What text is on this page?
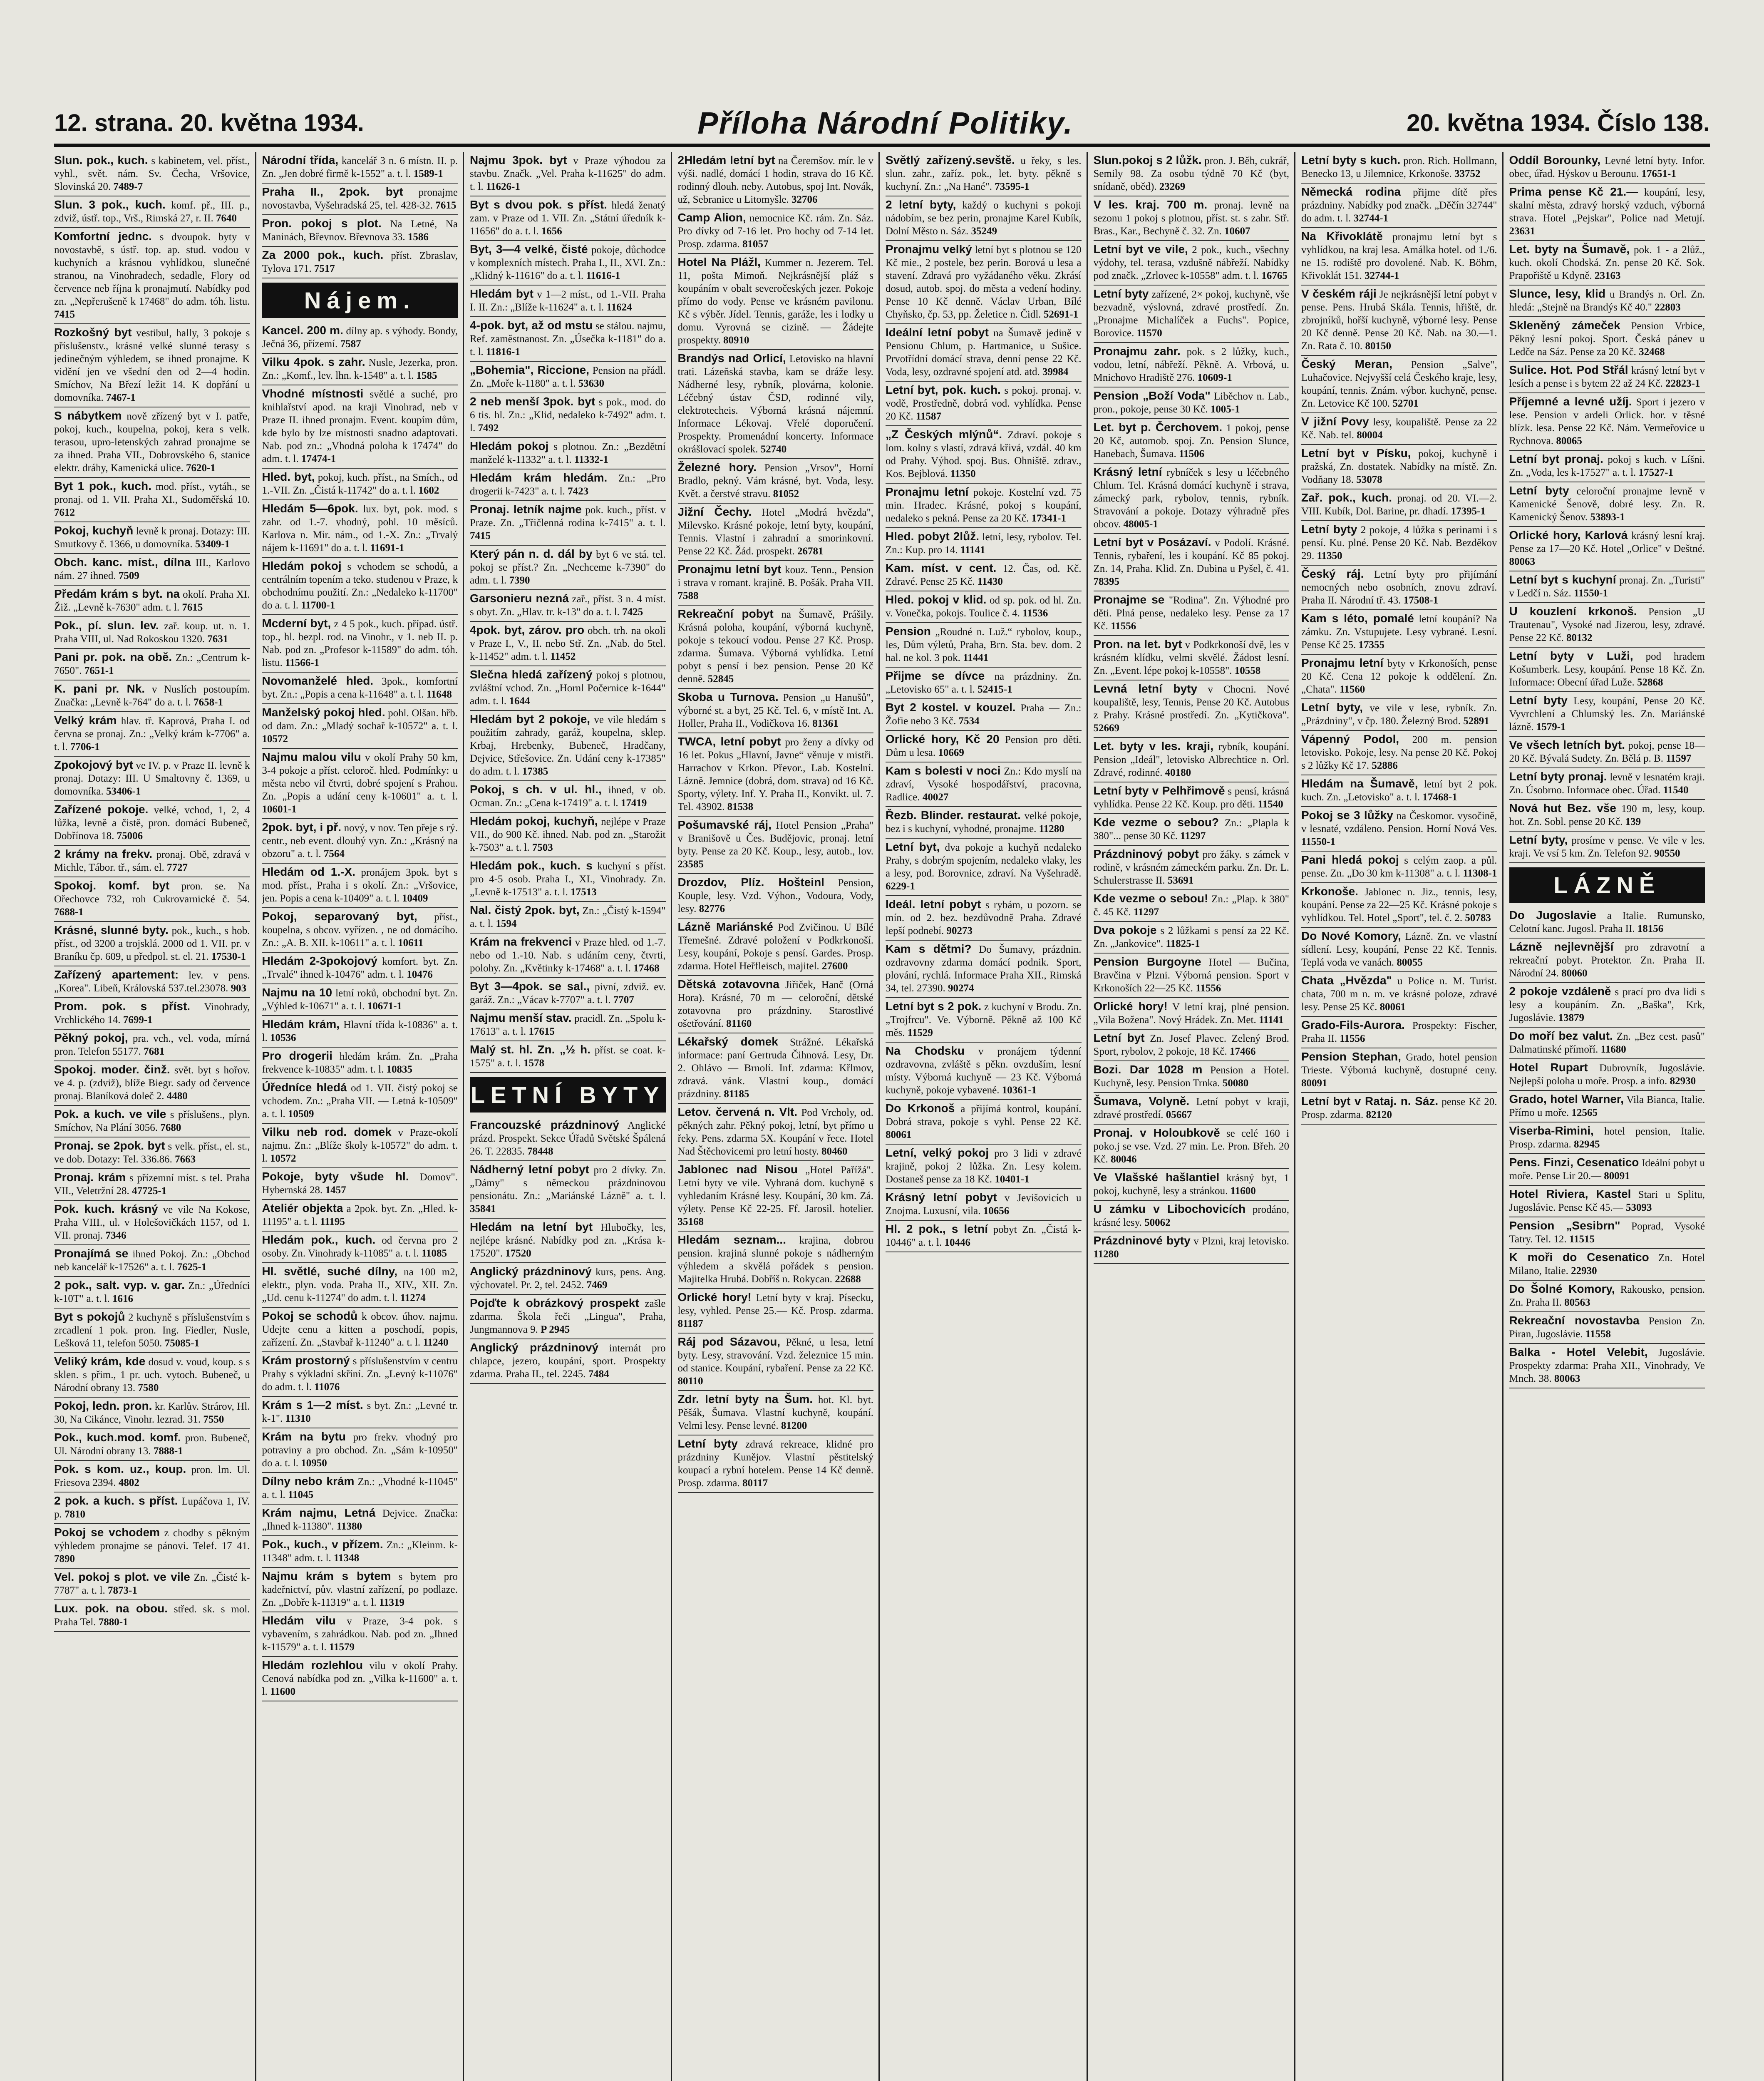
12. strana. 20. května 1934.	Příloha Národní Politiky.	20. května 1934. Číslo 138.
Slun. pok., kuch. s kabinetem, vel. příst., vyhl., svět. nám. Sv. Čecha, Vršovice, Slovinská 20. 7489-7
Slun. 3 pok., kuch. komf. př., III. p., zdviž, ústř. top., Vrš., Rimská 27, r. II. 7640
Komfortní jednc. s dvoupok. byty v novostavbě, s ústř. top. ap. stud. vodou v kuchyních a krásnou vyhlídkou, slunečné stranou, na Vinohradech, sedadle, Flory od července neb října k pronajmutí. Nabídky pod zn. „Nepřerušeně k 17468" do adm. tóh. listu. 7415
Rozkošný byt vestibul, hally, 3 pokoje s příslušenstv., krásné velké slunné terasy s jedinečným výhledem, se ihned pronajme. K vidění jen ve všední den od 2—4 hodin. Smíchov, Na Březí ležit 14. K dopřání u domovníka. 7467-1
S nábytkem nově zřízený byt v I. patře, pokoj, kuch., koupelna, pokoj, kera s velk. terasou, upro-letenských zahrad pronajme se za ihned. Praha VII., Dobrovského 6, stanice elektr. dráhy, Kamenická ulice. 7620-1
Byt 1 pok., kuch. mod. příst., vytáh., se pronaj. od 1. VII. Praha XI., Sudoměřská 10. 7612
Pokoj, kuchyň levně k pronaj. Dotazy: III. Smutkovy č. 1366, u domovníka. 53409-1
Obch. kanc. míst., dílna III., Karlovo nám. 27 ihned. 7509
Předám krám s byt. na okolí. Praha XI. Žiž. „Levně k-7630" adm. t. l. 7615
Pok., pí. slun. lev. zař. koup. ut. n. 1. Praha VIII, ul. Nad Rokoskou 1320. 7631
Pani pr. pok. na obě. Zn.: „Centrum k-7650". 7651-1
K. pani pr. Nk. v Nuslích postoupím. Značka: „Levně k-764" do a. t. l. 7658-1
Velký krám hlav. tř. Kaprová, Praha I. od června se pronaj. Zn.: „Velký krám k-7706" a. t. l. 7706-1
Zpokojový byt ve IV. p. v Praze II. levně k pronaj. Dotazy: III. U Smaltovny č. 1369, u domovníka. 53406-1
Zařízené pokoje. velké, vchod, 1, 2, 4 lůžka, levně a čistě, pron. domácí Bubeneč, Dobřínova 18. 75006
2 krámy na frekv. pronaj. Obě, zdravá v Michle, Tábor. tř., sám. el. 7727
Spokoj. komf. byt pron. se. Na Ořechovce 732, roh Cukrovarnické č. 54. 7688-1
Krásné, slunné byty. pok., kuch., s hob. příst., od 3200 a trojsklá. 2000 od 1. VII. pr. v Braníku čp. 609, u předpol. st. el. 21. 17530-1
Zařízený apartement: lev. v pens. „Korea". Libeň, Královská 537.tel.23078. 903
Prom. pok. s příst. Vinohrady, Vrchlického 14. 7699-1
Pěkný pokoj, pra. vch., vel. voda, mírná pron. Telefon 55177. 7681
Spokoj. moder. činž. svět. byt s hořov. ve 4. p. (zdviž), blíže Biegr. sady od července pronaj. Blaníková doleč 2. 4480
Pok. a kuch. ve vile s příslušens., plyn. Smíchov, Na Plání 3056. 7680
Pronaj. se 2pok. byt s velk. příst., el. st., ve dob. Dotazy: Tel. 336.86. 7663
Pronaj. krám s přízemní míst. s tel. Praha VII., Veletržní 28. 47725-1
Pok. kuch. krásný ve vile Na Kokose, Praha VIII., ul. v Holešovičkách 1157, od 1. VII. pronaj. 7346
Pronajímá se ihned Pokoj. Zn.: „Obchod neb kancelář k-17526" a. t. l. 7625-1
2 pok., salt. vyp. v. gar. Zn.: „Úředníci k-10T" a. t. l. 1616
Byt s pokojů 2 kuchyně s příslušenstvím s zrcadlení 1 pok. pron. Ing. Fiedler, Nusle, Lešková 11, telefon 5050. 75085-1
Veliký krám, kde dosud v. voud, koup. s s sklen. s přim., 1 pr. uch. vytoch. Bubeneč, u Národní obrany 13. 7580
Pokoj, ledn. pron. kr. Karlův. Strárov, Hl. 30, Na Cikánce, Vinohr. lezrad. 31. 7550
Pok., kuch.mod. komf. pron. Bubeneč, Ul. Národní obrany 13. 7888-1
Pok. s kom. uz., koup. pron. lm. Ul. Friesova 2394. 4802
2 pok. a kuch. s příst. Lupáčova 1, IV. p. 7810
Pokoj se vchodem z chodby s pěkným výhledem pronajme se pánovi. Telef. 17 41. 7890
Vel. pokoj s plot. ve vile Zn. „Čisté k-7787" a. t. l. 7873-1
Lux. pok. na obou. střed. sk. s mol. Praha Tel. 7880-1
Národní třída, kancelář 3 n. 6 místn. II. p. Zn. „Jen dobré firmě k-1552" a. t. l. 1589-1
Praha II., 2pok. byt pronajme novostavba, Vyšehradská 25, tel. 428-32. 7615
Pron. pokoj s plot. Na Letné, Na Maninách, Břevnov. Břevnova 33. 1586
Za 2000 pok., kuch. příst. Zbraslav, Tylova 171. 7517
Nájem.
Kancel. 200 m. dílny ap. s výhody. Bondy, Ječná 36, přízemí. 7587
Vilku 4pok. s zahr. Nusle, Jezerka, pron. Zn.: „Komf., lev. lhn. k-1548" a. t. l. 1585
Vhodné místnosti světlé a suché, pro knihlařství apod. na kraji Vinohrad, neb v Praze II. ihned pronajm. Event. koupím dům, kde bylo by lze místnosti snadno adaptovati. Nab. pod zn.: „Vhodná poloha k 17474" do adm. t. l. 17474-1
Hled. byt, pokoj, kuch. příst., na Smích., od 1.-VII. Zn. „Čistá k-11742" do a. t. l. 1602
Hledám 5—6pok. lux. byt, pok. mod. s zahr. od 1.-7. vhodný, pohl. 10 měsíců. Karlova n. Mir. nám., od 1.-X. Zn.: „Trvalý nájem k-11691" do a. t. l. 11691-1
Hledám pokoj s vchodem se schodů, a centrálním topením a teko. studenou v Praze, k obchodnímu použití. Zn.: „Nedaleko k-11700" do a. t. l. 11700-1
Mcderní byt, z 4 5 pok., kuch. případ. ústř. top., hl. bezpl. rod. na Vinohr., v 1. neb II. p. Nab. pod zn. „Profesor k-11589" do adm. tóh. listu. 11566-1
Novomanželé hled. 3pok., komfortní byt. Zn.: „Popis a cena k-11648" a. t. l. 11648
Manželský pokoj hled. pohl. Olšan. hřb. od dam. Zn.: „Mladý sochař k-10572" a. t. l. 10572
Najmu malou vilu v okolí Prahy 50 km, 3-4 pokoje a příst. celoroč. hled. Podmínky: u města nebo vil čtvrti, dobré spojení s Prahou. Zn. „Popis a udání ceny k-10601" a. t. l. 10601-1
2pok. byt, i př. nový, v nov. Ten přeje s rý. centr., neb event. dlouhý vyn. Zn.: „Krásný na obzoru" a. t. l. 7564
Hledám od 1.-X. pronájem 3pok. byt s mod. příst., Praha i s okolí. Zn.: „Vršovice, jen. Popis a cena k-10409" a. t. l. 10409
Pokoj, separovaný byt, příst., koupelna, s obcov. vyřízen. , ne od domácího. Zn.: „A. B. XII. k-10611" a. t. l. 10611
Hledám 2-3pokojový komfort. byt. Zn. „Trvalé" ihned k-10476" adm. t. l. 10476
Najmu na 10 letní roků, obchodní byt. Zn. „Výhled k-10671" a. t. l. 10671-1
Hledám krám, Hlavní třída k-10836" a. t. l. 10536
Pro drogerii hledám krám. Zn. „Praha frekvence k-10835" adm. t. l. 10835
Úředníce hledá od 1. VII. čistý pokoj se vchodem. Zn.: „Praha VII. — Letná k-10509" a. t. l. 10509
Vilku neb rod. domek v Praze-okolí najmu. Zn.: „Blíže školy k-10572" do adm. t. l. 10572
Pokoje, byty všude hl. Domov". Hybernská 28. 1457
Ateliér objekta a 2pok. byt. Zn. „Hled. k-11195" a. t. l. 11195
Hledám pok., kuch. od června pro 2 osoby. Zn. Vinohrady k-11085" a. t. l. 11085
Hl. světlé, suché dílny, na 100 m2, elektr., plyn. voda. Praha II., XIV., XII. Zn. „Ud. cenu k-11274" do adm. t. l. 11274
Pokoj se schodů k obcov. úhov. najmu. Udejte cenu a kitten a poschodí, popis, zařízení. Zn. „Stavbař k-11240" a. t. l. 11240
Krám prostorný s příslušenstvím v centru Prahy s výkladní skříní. Zn. „Levný k-11076" do adm. t. l. 11076
Krám s 1—2 míst. s byt. Zn.: „Levné tr. k-1". 11310
Krám na bytu pro frekv. vhodný pro potraviny a pro obchod. Zn. „Sám k-10950" do a. t. l. 10950
Dílny nebo krám Zn.: „Vhodné k-11045" a. t. l. 11045
Krám najmu, Letná Dejvice. Značka: „Ihned k-11380". 11380
Pok., kuch., v přízem. Zn.: „Kleinm. k-11348" adm. t. l. 11348
Najmu krám s bytem s bytem pro kadeřnictví, pův. vlastní zařízení, po podlaze. Zn. „Dobře k-11319" a. t. l. 11319
Hledám vilu v Praze, 3-4 pok. s vybavením, s zahrádkou. Nab. pod zn. „Ihned k-11579" a. t. l. 11579
Hledám rozlehlou vilu v okolí Prahy. Cenová nabídka pod zn. „Vilka k-11600" a. t. l. 11600
Najmu 3pok. byt v Praze výhodou za stavbu. Značk. „Vel. Praha k-11625" do adm. t. l. 11626-1
Byt s dvou pok. s příst. hledá ženatý zam. v Praze od 1. VII. Zn. „Státní úředník k-11656" do a. t. l. 1656
Byt, 3—4 velké, čisté pokoje, důchodce v komplexních místech. Praha I., II., XVI. Zn.: „Klidný k-11616" do a. t. l. 11616-1
Hledám byt v 1—2 míst., od 1.-VII. Praha I. II. Zn.: „Blíže k-11624" a. t. l. 11624
4-pok. byt, až od mstu se stálou. najmu, Ref. zaměstnanost. Zn. „Úsečka k-1181" do a. t. l. 11816-1
„Bohemia", Riccione, Pension na přádl. Zn. „Moře k-1180" a. t. l. 53630
2 neb menší 3pok. byt s pok., mod. do 6 tis. hl. Zn.: „Klid, nedaleko k-7492" adm. t. l. 7492
Hledám pokoj s plotnou. Zn.: „Bezdětní manželé k-11332" a. t. l. 11332-1
Hledám krám hledám. Zn.: „Pro drogerii k-7423" a. t. l. 7423
Pronaj. letník najme pok. kuch., příst. v Praze. Zn. „Třičlenná rodina k-7415" a. t. l. 7415
Který pán n. d. dál by byt 6 ve stá. tel. pokoj se příst.? Zn. „Nechceme k-7390" do adm. t. l. 7390
Garsonieru nezná zař., příst. 3 n. 4 míst. s obyt. Zn. „Hlav. tr. k-13" do a. t. l. 7425
4pok. byt, zárov. pro obch. trh. na okoli v Praze I., V., II. nebo Stř. Zn. „Nab. do 5tel. k-11452" adm. t. l. 11452
Slečna hledá zařízený pokoj s plotnou, zvláštní vchod. Zn. „Hornl Počernice k-1644" adm. t. l. 1644
Hledám byt 2 pokoje, ve vile hledám s použitím zahrady, garáž, koupelna, sklep. Krbaj, Hrebenky, Bubeneč, Hradčany, Dejvice, Střešovice. Zn. Udání ceny k-17385" do adm. t. l. 17385
Pokoj, s ch. v ul. hl., ihned, v ob. Ocman. Zn.: „Cena k-17419" a. t. l. 17419
Hledám pokoj, kuchyň, nejlépe v Praze VII., do 900 Kč. ihned. Nab. pod zn. „Starožit k-7503" a. t. l. 7503
Hledám pok., kuch. s kuchyní s příst. pro 4-5 osob. Praha I., XI., Vinohrady. Zn. „Levně k-17513" a. t. l. 17513
Nal. čistý 2pok. byt, Zn.: „Čistý k-1594" a. t. l. 1594
Krám na frekvenci v Praze hled. od 1.-7. nebo od 1.-10. Nab. s udáním ceny, čtvrti, polohy. Zn. „Květinky k-17468" a. t. l. 17468
Byt 3—4pok. se sal., pivní, zdviž. ev. garáž. Zn.: „Vácav k-7707" a. t. l. 7707
Najmu menší stav. pracidl. Zn. „Spolu k-17613" a. t. l. 17615
Malý st. hl. Zn. „½ h. příst. se coat. k-1575" a. t. l. 1578
LETNÍ BYTY
Francouzské prázdninový Anglické prázd. Prospekt. Sekce Úřadů Světské Špálená 26. T. 22835. 78448
Nádherný letní pobyt pro 2 dívky. Zn. „Dámy" s německou prázdninovou pensionátu. Zn.: „Mariánské Lázně" a. t. l. 35841
Hledám na letní byt Hlubočky, les, nejlépe krásné. Nabídky pod zn. „Krása k-17520". 17520
Anglický prázdninový kurs, pens. Ang. výchovatel. Pr. 2, tel. 2452. 7469
Pojďte k obrázkový prospekt zašle zdarma. Škola řeči „Lingua", Praha, Jungmannova 9. P 2945
Anglický prázdninový internát pro chlapce, jezero, koupání, sport. Prospekty zdarma. Praha II., tel. 2245. 7484
2Hledám letní byt na Čeremšov. mír. le v výši. nadlé, domácí 1 hodin, strava do 16 Kč. rodinný dlouh. neby. Autobus, spoj Int. Novák, už, Sebranice u Litomyšle. 32706
Camp Alion, nemocnice Kč. rám. Zn. Sáz. Pro dívky od 7-16 let. Pro hochy od 7-14 let. Prosp. zdarma. 81057
Hotel Na Plážl, Kummer n. Jezerem. Tel. 11, pošta Mimoň. Nejkrásnější pláž s koupáním v obalt severočeských jezer. Pokoje přímo do vody. Pense ve krásném pavilonu. Kč s výběr. Jídel. Tennis, garáže, les i lodky u domu. Vyrovná se cizině. — Žádejte prospekty. 80910
Brandýs nad Orlicí, Letovisko na hlavní trati. Lázeňská stavba, kam se dráže lesy. Nádherné lesy, rybník, plovárna, kolonie. Léčebný ústav ČSD, rodinné vily, elektrotecheis. Výborná krásná nájemní. Informace Lékovaj. Vřelé doporučení. Prospekty. Promenádní koncerty. Informace okrášlovací spolek. 52740
Železné hory. Pension „Vrsov", Horní Bradlo, pekný. Vám krásné, byt. Voda, lesy. Květ. a čerstvé stravu. 81052
Jižní Čechy. Hotel „Modrá hvězda", Milevsko. Krásné pokoje, letní byty, koupání, Tennis. Vlastní i zahradní a smorinkovní. Pense 22 Kč. Žád. prospekt. 26781
Pronajmu letní byt kouz. Tenn., Pension i strava v romant. krajině. B. Pošák. Praha VII. 7588
Rekreační pobyt na Šumavě, Prášily. Krásná poloha, koupání, výborná kuchyně, pokoje s tekoucí vodou. Pense 27 Kč. Prosp. zdarma. Šumava. Výborná vyhlídka. Letní pobyt s pensí i bez pension. Pense 20 Kč denně. 52845
Skoba u Turnova. Pension „u Hanušů", výborné st. a byt, 25 Kč. Tel. 6, v místě Int. A. Holler, Praha II., Vodičkova 16. 81361
TWCA, letní pobyt pro ženy a dívky od 16 let. Pokus „Hlavní, Javne“ věnuje v mistři. Harrachov v Krkon. Převor., Lab. Kostelní. Lázně. Jemnice (dobrá, dom. strava) od 16 Kč. Sporty, výlety. Inf. Y. Praha II., Konvikt. ul. 7. Tel. 43902. 81538
Pošumavské ráj, Hotel Pension „Praha" v Branišově u Čes. Budějovic, pronaj. letní byty. Pense za 20 Kč. Koup., lesy, autob., lov. 23585
Drozdov, Plíz. Hošteinl Pension, Kouple, lesy. Vzd. Výhon., Vodoura, Vody, lesy. 82776
Lázně Mariánské Pod Zvičinou. U Bílé Třemešné. Zdravé položení v Podkrkonoší. Lesy, koupání, Pokoje s pensí. Gardes. Prosp. zdarma. Hotel Heřfleisch, majitel. 27600
Dětská zotavovna Jiřiček, Hanč (Orná Hora). Krásné, 70 m — celoroční, dětské zotavovna pro prázdniny. Starostlivé ošetřování. 81160
Lékařský domek Strážné. Lékařská informace: paní Gertruda Čihnová. Lesy, Dr. 2. Ohlávo — Brnolí. Inf. zdarma: Křlmov, zdravá. vánk. Vlastní koup., domácí prázdniny. 81185
Letov. červená n. Vlt. Pod Vrcholy, od. pěkných zahr. Pěkný pokoj, letní, byt přímo u řeky. Pens. zdarma 5X. Koupání v řece. Hotel Nad Štěchovicemi pro letní hosty. 80460
Jablonec nad Nisou „Hotel Pařížá". Letní byty ve vile. Vyhraná dom. kuchyně s vyhledaním Krásné lesy. Koupání, 30 km. Zá. výlety. Pense Kč 22-25. Ff. Jarosil. hotelier. 35168
Hledám seznam... krajina, dobrou pension. krajiná slunné pokoje s nádherným výhledem a skvělá pořádek s pension. Majitelka Hrubá. Dobříš n. Rokycan. 22688
Orlické hory! Letní byty v kraj. Písecku, lesy, vyhled. Pense 25.— Kč. Prosp. zdarma. 81187
Ráj pod Sázavou, Pěkné, u lesa, letní byty. Lesy, stravování. Vzd. železnice 15 min. od stanice. Koupání, rybaření. Pense za 22 Kč. 80110
Zdr. letní byty na Šum. hot. Kl. byt. Pěšák, Šumava. Vlastní kuchyně, koupání. Velmi lesy. Pense levné. 81200
Letní byty zdravá rekreace, klidné pro prázdniny Kunějov. Vlastní pěstitelský koupací a rybní hotelem. Pense 14 Kč denně. Prosp. zdarma. 80117
Světlý zařízený.sevště. u řeky, s les. slun. zahr., zaříz. pok., let. byty. pěkně s kuchyní. Zn.: „Na Hané". 73595-1
2 letní byty, každý o kuchyni s pokoji nádobím, se bez perin, pronajme Karel Kubík, Dolní Město n. Sáz. 35249
Pronajmu velký letní byt s plotnou se 120 Kč mie., 2 postele, bez perin. Borová u lesa a stavení. Zdravá pro vyžádaného věku. Zkrásí dosud, autob. spoj. do města a vedení hodiny. Pense 10 Kč denně. Václav Urban, Bílé Chyňsko, čp. 53, pp. Želetice n. Čidl. 52691-1
Ideální letní pobyt na Šumavě jedině v Pensionu Chlum, p. Hartmanice, u Sušice. Prvotřídní domácí strava, denní pense 22 Kč. Voda, lesy, ozdravné spojení atd. atd. 39984
Letní byt, pok. kuch. s pokoj. pronaj. v. vodě, Prostředně, dobrá vod. vyhlídka. Pense 20 Kč. 11587
„Z Českých mlýnů“. Zdraví. pokoje s lom. kolny s vlastí, zdravá křivá, vzdál. 40 km od Prahy. Výhod. spoj. Bus. Ohniště. zdrav., Kos. Bejblová. 11350
Pronajmu letní pokoje. Kostelní vzd. 75 min. Hradec. Krásné, pokoj s koupání, nedaleko s pekná. Pense za 20 Kč. 17341-1
Hled. pobyt 2lůž. letní, lesy, rybolov. Tel. Zn.: Kup. pro 14. 11141
Kam. míst. v cent. 12. Čas, od. Kč. Zdravé. Pense 25 Kč. 11430
Hled. pokoj v klid. od sp. pok. od hl. Zn. v. Vonečka, pokojs. Toulice č. 4. 11536
Pension „Roudné n. Luž.“ rybolov, koup., les, Dům výletů, Praha, Brn. Sta. bev. dom. 2 hal. ne kol. 3 pok. 11441
Přijme se dívce na prázdniny. Zn. „Letovisko 65" a. t. l. 52415-1
Byt 2 kostel. v kouzel. Praha — Zn.: Žofie nebo 3 Kč. 7534
Orlické hory, Kč 20 Pension pro děti. Dům u lesa. 10669
Kam s bolesti v noci Zn.: Kdo myslí na zdraví, Vysoké hospodářství, pracovna, Radlice. 40027
Řezb. Blinder. restaurat. velké pokoje, bez i s kuchyní, vyhodné, pronajme. 11280
Letní byt, dva pokoje a kuchyň nedaleko Prahy, s dobrým spojením, nedaleko vlaky, les a lesy, pod. Borovnice, zdraví. Na Vyšehradě. 6229-1
Ideál. letní pobyt s rybám, u pozorn. se mín. od 2. bez. bezdůvodně Praha. Zdravé lepší podnebí. 90273
Kam s dětmi? Do Šumavy, prázdnin. ozdravovny zdarma domácí podnik. Sport, plování, rychlá. Informace Praha XII., Rimská 34, tel. 27390. 90274
Letní byt s 2 pok. z kuchyní v Brodu. Zn. „Trojfrcu". Ve. Výborně. Pěkně až 100 Kč měs. 11529
Na Chodsku v pronájem týdenní ozdravovna, zvláště s pěkn. ovzduším, lesní místy. Výborná kuchyně — 23 Kč. Výborná kuchyně, pokoje vybavené. 10361-1
Do Krkonoš a přijímá kontrol, koupání. Dobrá strava, pokoje s vyhl. Pense 22 Kč. 80061
Letní, velký pokoj pro 3 lidi v zdravé krajině, pokoj 2 lůžka. Zn. Lesy kolem. Dostaneš pense za 18 Kč. 10401-1
Krásný letní pobyt v Jevišovicích u Znojma. Luxusní, vila. 10656
Hl. 2 pok., s letní pobyt Zn. „Čistá k-10446" a. t. l. 10446
Slun.pokoj s 2 lůžk. pron. J. Běh, cukrář, Semily 98. Za osobu týdně 70 Kč (byt, snídaně, oběd). 23269
V les. kraj. 700 m. pronaj. levně na sezonu 1 pokoj s plotnou, příst. st. s zahr. Stř. Bras., Kar., Bechyně č. 32. Zn. 10607
Letní byt ve vile, 2 pok., kuch., všechny výdohy, tel. terasa, vzdušně nábřeží. Nabídky pod značk. „Zrlovec k-10558" adm. t. l. 16765
Letní byty zařízené, 2× pokoj, kuchyně, vše bezvadně, výslovná, zdravé prostředí. Zn. „Pronajme Michalíček a Fuchs". Popice, Borovice. 11570
Pronajmu zahr. pok. s 2 lůžky, kuch., vodou, letní, nábřeží. Pěkně. A. Vrbová, u. Mnichovo Hradiště 276. 10609-1
Pension „Boží Voda" Liběchov n. Lab., pron., pokoje, pense 30 Kč. 1005-1
Let. byt p. Čerchovem. 1 pokoj, pense 20 Kč, automob. spoj. Zn. Pension Slunce, Hanebach, Šumava. 11506
Krásný letní rybníček s lesy u léčebného Chlum. Tel. Krásná domácí kuchyně i strava, zámecký park, rybolov, tennis, rybník. Stravování a pokoje. Dotazy výhradně přes obcov. 48005-1
Letní byt v Posázaví. v Podolí. Krásné. Tennis, rybaření, les i koupání. Kč 85 pokoj. Zn. 14, Praha. Klid. Zn. Dubina u Pyšel, č. 41. 78395
Pronajme se "Rodina". Zn. Výhodné pro děti. Plná pense, nedaleko lesy. Pense za 17 Kč. 11556
Pron. na let. byt v Podkrkonoší dvě, les v krásném klídku, velmi skvělé. Žádost lesní. Zn. „Event. lépe pokoj k-10558". 10558
Levná letní byty v Chocni. Nové koupaliště, lesy, Tennis, Pense 20 Kč. Autobus z Prahy. Krásné prostředí. Zn. „Kytičkova". 52669
Let. byty v les. kraji, rybník, koupání. Pension „Ideál", letovisko Albrechtice n. Orl. Zdravé, rodinné. 40180
Letní byty v Pelhřimově s pensí, krásná vyhlídka. Pense 22 Kč. Koup. pro děti. 11540
Kde vezme o sebou? Zn.: „Plapla k 380"... pense 30 Kč. 11297
Prázdninový pobyt pro žáky. s zámek v rodině, v krásném zámeckém parku. Zn. Dr. L. Schulerstrasse II. 53691
Kde vezme o sebou! Zn.: „Plap. k 380" č. 45 Kč. 11297
Dva pokoje s 2 lůžkami s pensí za 22 Kč. Zn. „Jankovice". 11825-1
Pension Burgoyne Hotel — Bučina, Bravčina v Plzni. Výborná pension. Sport v Krkonoších 22—25 Kč. 11556
Orlické hory! V letní kraj, plné pension. „Vila Božena". Nový Hrádek. Zn. Met. 11141
Letní byt Zn. Josef Plavec. Zelený Brod. Sport, rybolov, 2 pokoje, 18 Kč. 17466
Bozi. Dar 1028 m Pension a Hotel. Kuchyně, lesy. Pension Trnka. 50080
Šumava, Volyně. Letní pobyt v kraji, zdravé prostředí. 05667
Pronaj. v Holoubkově se celé 160 i poko.j se vse. Vzd. 27 min. Le. Pron. Břeh. 20 Kč. 80046
Ve Vlašské hašlantiel krásný byt, 1 pokoj, kuchyně, lesy a stránkou. 11600
U zámku v Libochovicích prodáno, krásné lesy. 50062
Prázdninové byty v Plzni, kraj letovisko. 11280
Letní byty s kuch. pron. Rich. Hollmann, Benecko 13, u Jilemnice, Krkonoše. 33752
Německá rodina přijme dítě přes prázdniny. Nabídky pod značk. „Děčín 32744" do adm. t. l. 32744-1
Na Křivoklátě pronajmu letní byt s vyhlídkou, na kraj lesa. Amálka hotel. od 1./6. ne 15. rodiště pro dovolené. Nab. K. Böhm, Křivoklát 151. 32744-1
V českém ráji Je nejkrásnější letní pobyt v pense. Pens. Hrubá Skála. Tennis, hřiště, dr. zbrojníků, hořší kuchyně, výborné lesy. Pense 20 Kč denně. Pense 20 Kč. Nab. na 30.—1. Zn. Rata č. 10. 80150
Český Meran, Pension „Salve", Luhačovice. Nejvyšší celá Českého kraje, lesy, koupání, tennis. Znám. výbor. kuchyně, pense. Zn. Letovice Kč 100. 52701
V jižní Povy lesy, koupaliště. Pense za 22 Kč. Nab. tel. 80004
Letní byt v Písku, pokoj, kuchyně i pražská, Zn. dostatek. Nabídky na místě. Zn. Vodňany 18. 53078
Zař. pok., kuch. pronaj. od 20. VI.—2. VIII. Kubík, Dol. Barine, pr. dhadí. 17395-1
Letní byty 2 pokoje, 4 lůžka s perinami i s pensí. Ku. plné. Pense 20 Kč. Nab. Bezděkov 29. 11350
Český ráj. Letní byty pro přijímání nemocných nebo osobních, znovu zdraví. Praha II. Národní tř. 43. 17508-1
Kam s léto, pomalé letní koupání? Na zámku. Zn. Vstupujete. Lesy vybrané. Lesní. Pense Kč 25. 17355
Pronajmu letní byty v Krkonoších, pense 20 Kč. Cena 12 pokoje k oddělení. Zn. „Chata". 11560
Letní byty, ve vile v lese, rybník. Zn. „Prázdniny", v čp. 180. Železný Brod. 52891
Vápenný Podol, 200 m. pension letovisko. Pokoje, lesy. Na pense 20 Kč. Pokoj s 2 lůžky Kč 17. 52886
Hledám na Šumavě, letní byt 2 pok. kuch. Zn. „Letovisko" a. t. l. 17468-1
Pokoj se 3 lůžky na Českomor. vysočině, v lesnaté, vzdáleno. Pension. Horní Nová Ves. 11550-1
Pani hledá pokoj s celým zaop. a půl. pense. Zn. „Do 30 km k-11308" a. t. l. 11308-1
Krkonoše. Jablonec n. Jiz., tennis, lesy, koupání. Pense za 22—25 Kč. Krásné pokoje s vyhlídkou. Tel. Hotel „Sport", tel. č. 2. 50783
Do Nové Komory, Lázně. Zn. ve vlastní sídlení. Lesy, koupání, Pense 22 Kč. Tennis. Teplá voda ve vanách. 80055
Chata „Hvězda" u Police n. M. Turist. chata, 700 m n. m. ve krásné poloze, zdravé lesy. Pense 25 Kč. 80061
Grado-Fils-Aurora. Prospekty: Fischer, Praha II. 11556
Pension Stephan, Grado, hotel pension Trieste. Výborná kuchyně, dostupné ceny. 80091
Letní byt v Rataj. n. Sáz. pense Kč 20. Prosp. zdarma. 82120
Oddíl Borounky, Levné letní byty. Infor. obec, úřad. Hýskov u Berounu. 17651-1
Prima pense Kč 21.— koupání, lesy, skalní města, zdravý horský vzduch, výborná strava. Hotel „Pejskar", Police nad Metují. 23631
Let. byty na Šumavě, pok. 1 - a 2lůž., kuch. okolí Chodská. Zn. pense 20 Kč. Sok. Prapořiště u Kdyně. 23163
Slunce, lesy, klid u Brandýs n. Orl. Zn. hledá: „Stejně na Brandýs Kč 40." 22803
Skleněný zámeček Pension Vrbice, Pěkný lesní pokoj. Sport. Česká pánev u Ledče na Sáz. Pense za 20 Kč. 32468
Sulice. Hot. Pod Střál krásný letní byt v lesích a pense i s bytem 22 až 24 Kč. 22823-1
Příjemné a levné užíj. Sport i jezero v lese. Pension v ardeli Orlick. hor. v těsné blízk. lesa. Pense 22 Kč. Nám. Vermeřovice u Rychnova. 80065
Letní byt pronaj. pokoj s kuch. v Líšni. Zn. „Voda, les k-17527" a. t. l. 17527-1
Letní byty celoroční pronajme levně v Kamenické Šenově, dobré lesy. Zn. R. Kamenický Šenov. 53893-1
Orlické hory, Karlová krásný lesní kraj. Pense za 17—20 Kč. Hotel „Orlice" v Deštné. 80063
Letní byt s kuchyní pronaj. Zn. „Turisti" v Ledčí n. Sáz. 11550-1
U kouzlení krkonoš. Pension „U Trautenau", Vysoké nad Jizerou, lesy, zdravé. Pense 22 Kč. 80132
Letní byty v Luži, pod hradem Košumberk. Lesy, koupání. Pense 18 Kč. Zn. Informace: Obecní úřad Luže. 52868
Letní byty Lesy, koupání, Pense 20 Kč. Vyvrchlení a Chlumský les. Zn. Mariánské lázně. 1579-1
Ve všech letních byt. pokoj, pense 18—20 Kč. Bývalá Sudety. Zn. Bělá p. B. 11597
Letní byty pronaj. levně v lesnatém kraji. Zn. Úsobrno. Informace obec. Úřad. 11540
Nová hut Bez. vše 190 m, lesy, koup. hot. Zn. Sobl. pense 20 Kč. 139
Letní byty, prosíme v pense. Ve vile v les. kraji. Ve vsí 5 km. Zn. Telefon 92. 90550
LÁZNĚ
Do Jugoslavie a Italie. Rumunsko, Celotní kanc. Jugosl. Praha II. 18156
Lázně nejlevnější pro zdravotní a rekreační pobyt. Protektor. Zn. Praha II. Národní 24. 80060
2 pokoje vzdáleně s prací pro dva lidi s lesy a koupáním. Zn. „Baška", Krk, Jugoslávie. 13879
Do moří bez valut. Zn. „Bez cest. pasů" Dalmatinské přímoří. 11680
Hotel Rupart Dubrovník, Jugoslávie. Nejlepší poloha u moře. Prosp. a info. 82930
Grado, hotel Warner, Vila Bianca, Italie. Přímo u moře. 12565
Viserba-Rimini, hotel pension, Italie. Prosp. zdarma. 82945
Pens. Finzi, Cesenatico Ideální pobyt u moře. Pense Lir 20.— 80091
Hotel Riviera, Kastel Stari u Splitu, Jugoslávie. Pense Kč 45.— 53093
Pension „Sesibrn" Poprad, Vysoké Tatry. Tel. 12. 11515
K moři do Cesenatico Zn. Hotel Milano, Italie. 22930
Do Šolné Komory, Rakousko, pension. Zn. Praha II. 80563
Rekreační novostavba Pension Zn. Piran, Jugoslávie. 11558
Balka - Hotel Velebit, Jugoslávie. Prospekty zdarma: Praha XII., Vinohrady, Ve Mnch. 38. 80063
